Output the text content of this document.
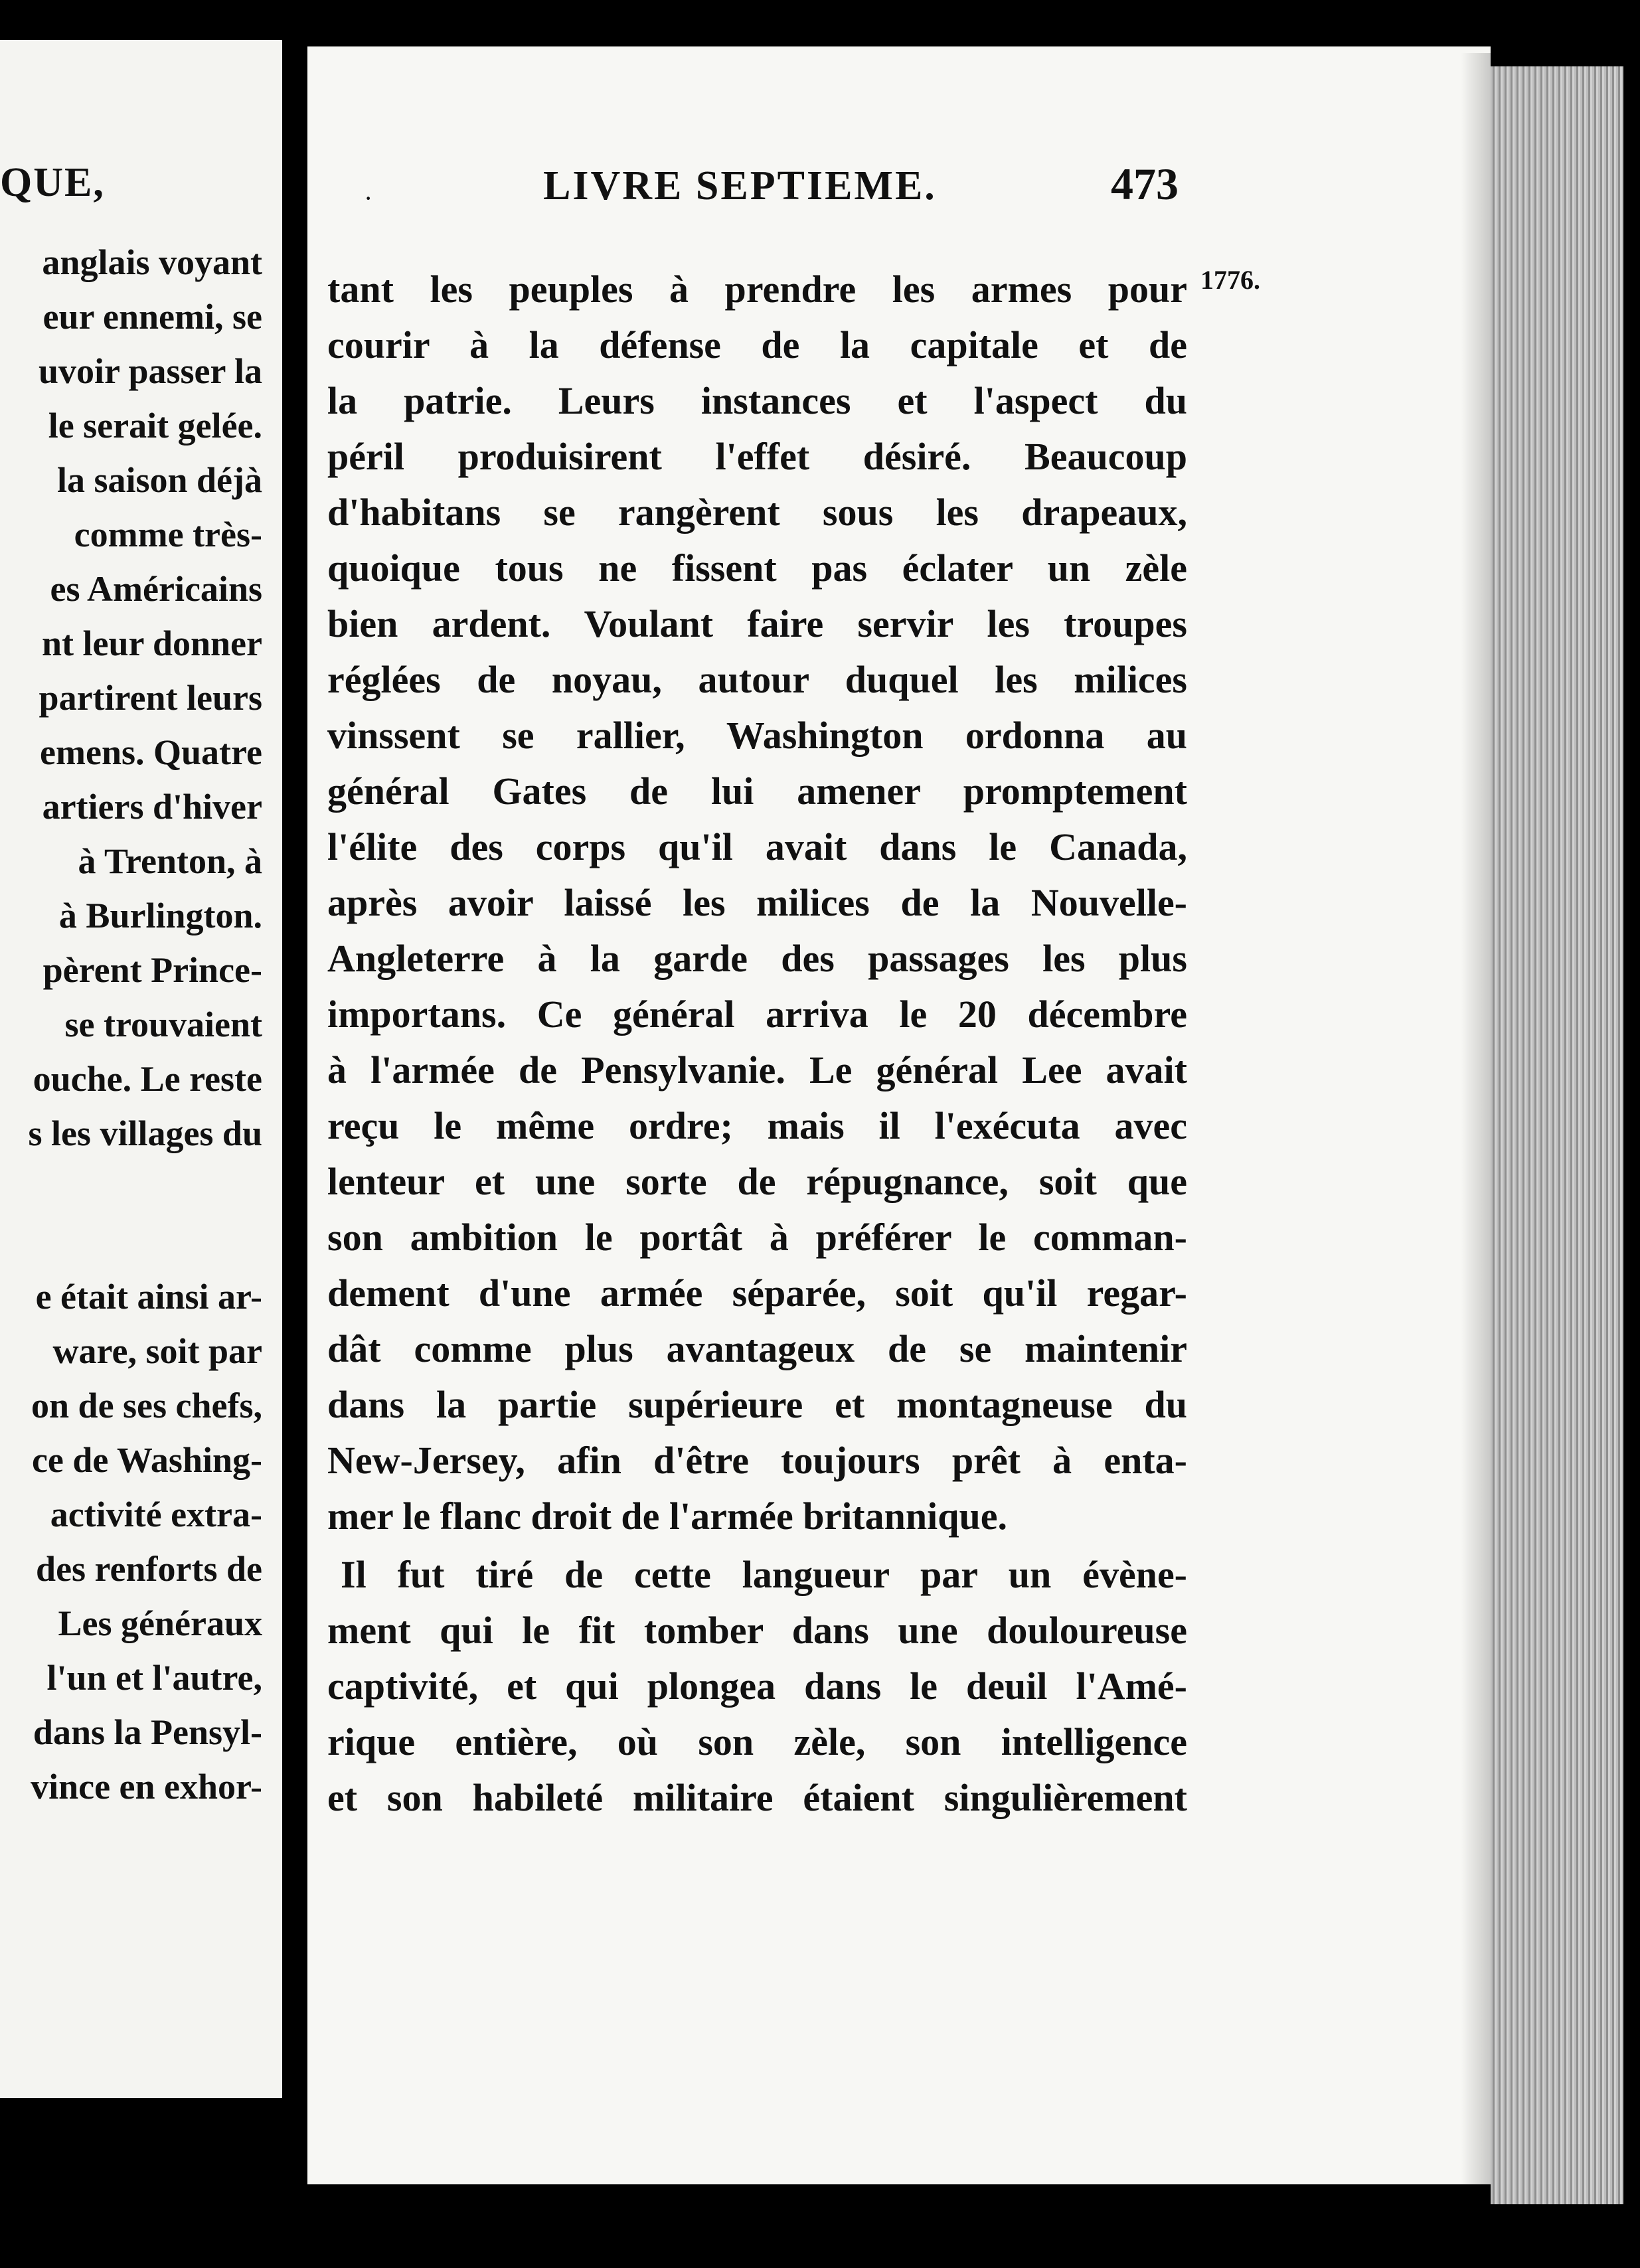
QUE,
anglais voyant
eur ennemi, se
uvoir passer la
le serait gelée.
la saison déjà
comme très-
es Américains
nt leur donner
partirent leurs
emens. Quatre
artiers d'hiver
à Trenton, à
à Burlington.
pèrent Prince-
se trouvaient
ouche. Le reste
s les villages du
e était ainsi ar-
ware, soit par
on de ses chefs,
ce de Washing-
activité extra-
des renforts de
Les généraux
l'un et l'autre,
dans la Pensyl-
vince en exhor-
·	LIVRE SEPTIEME.	473
1776.
tant les peuples à prendre les armes pour
courir à la défense de la capitale et de
la patrie. Leurs instances et l'aspect du
péril produisirent l'effet désiré. Beaucoup
d'habitans se rangèrent sous les drapeaux,
quoique tous ne fissent pas éclater un zèle
bien ardent. Voulant faire servir les troupes
réglées de noyau, autour duquel les milices
vinssent se rallier, Washington ordonna au
général Gates de lui amener promptement
l'élite des corps qu'il avait dans le Canada,
après avoir laissé les milices de la Nouvelle-
Angleterre à la garde des passages les plus
importans. Ce général arriva le 20 décembre
à l'armée de Pensylvanie. Le général Lee avait
reçu le même ordre; mais il l'exécuta avec
lenteur et une sorte de répugnance, soit que
son ambition le portât à préférer le comman-
dement d'une armée séparée, soit qu'il regar-
dât comme plus avantageux de se maintenir
dans la partie supérieure et montagneuse du
New-Jersey, afin d'être toujours prêt à enta-
mer le flanc droit de l'armée britannique.
Il fut tiré de cette langueur par un évène-
ment qui le fit tomber dans une douloureuse
captivité, et qui plongea dans le deuil l'Amé-
rique entière, où son zèle, son intelligence
et son habileté militaire étaient singulièrement
